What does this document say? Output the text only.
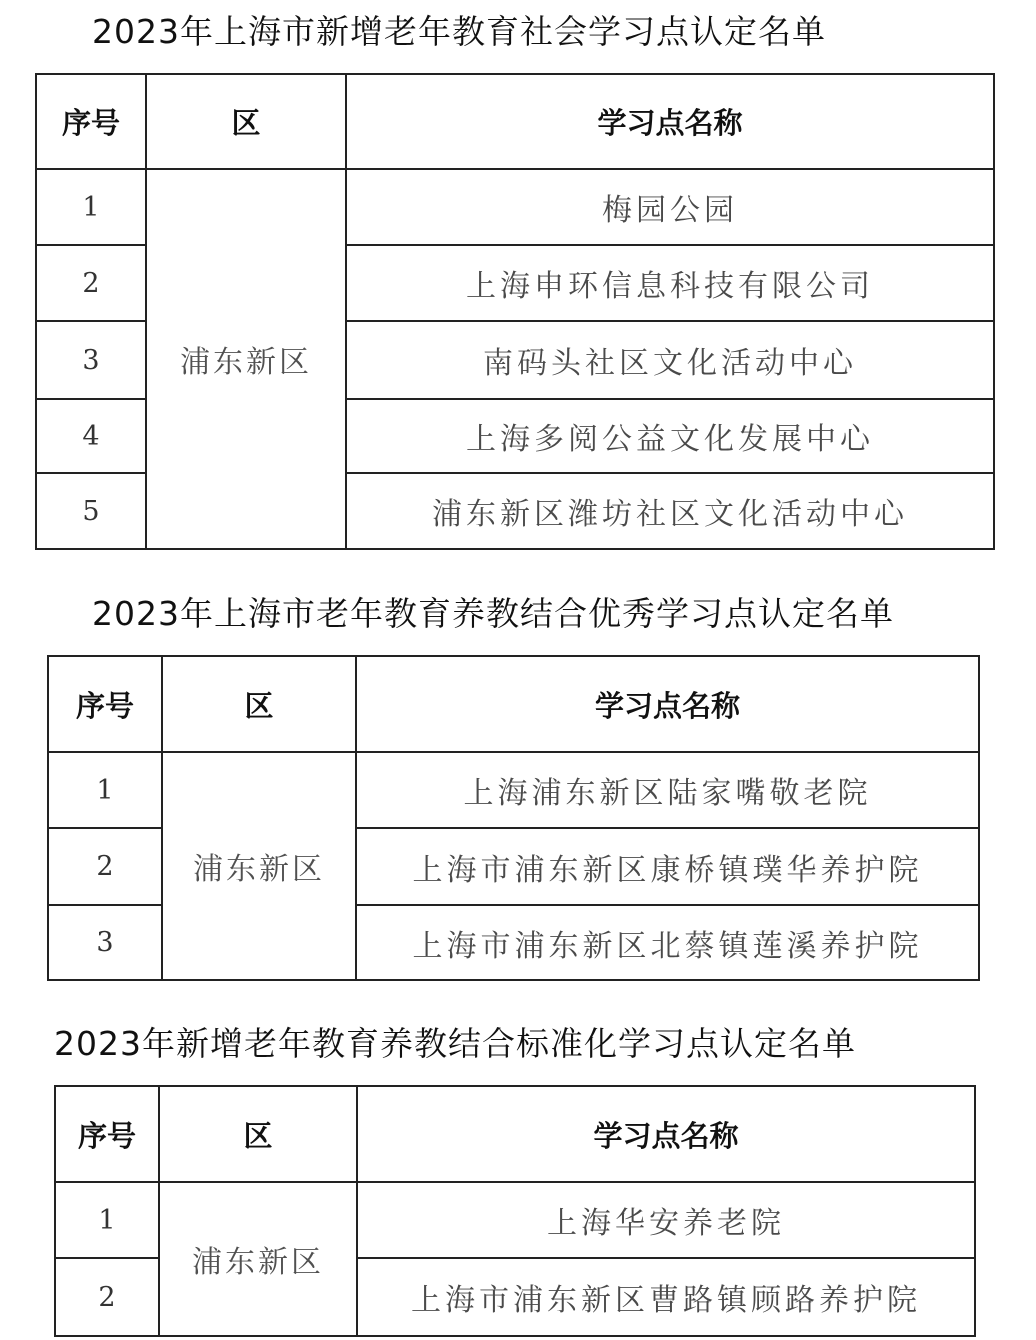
2023年上海市新增老年教育社会学习点认定名单
序号	区	学习点名称
1	浦东新区	梅园公园
2		上海申环信息科技有限公司
3		南码头社区文化活动中心
4		上海多阅公益文化发展中心
5		浦东新区潍坊社区文化活动中心
2023年上海市老年教育养教结合优秀学习点认定名单
序号	区	学习点名称
1	浦东新区	上海浦东新区陆家嘴敬老院
2		上海市浦东新区康桥镇璞华养护院
3		上海市浦东新区北蔡镇莲溪养护院
2023年新增老年教育养教结合标准化学习点认定名单
序号	区	学习点名称
1	浦东新区	上海华安养老院
2		上海市浦东新区曹路镇顾路养护院
